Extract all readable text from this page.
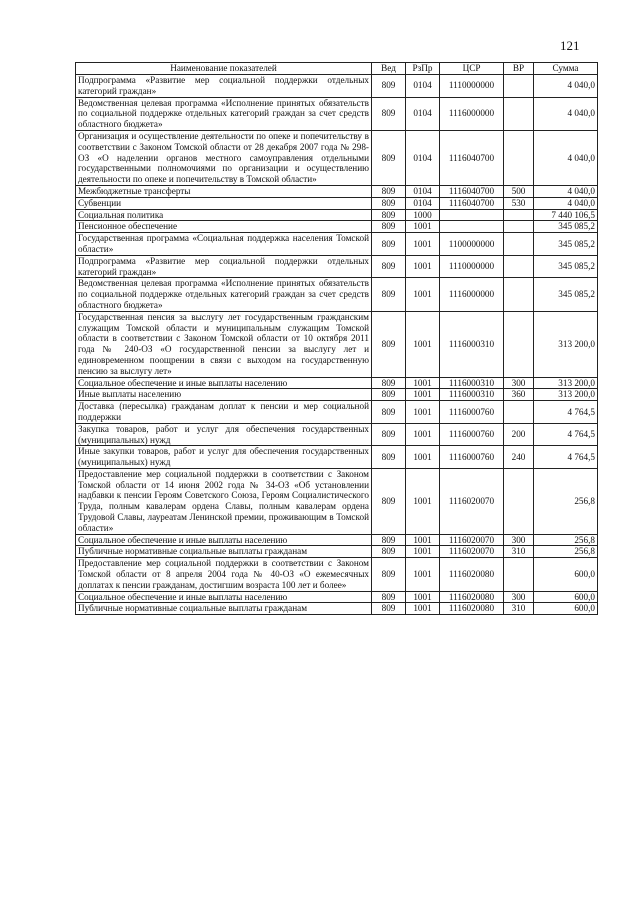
121
Наименование показателей	Вед	РзПр	ЦСР	ВР	Сумма
Подпрограмма «Развитие мер социальной поддержки отдельных категорий граждан»	809	0104	1110000000		4 040,0
Ведомственная целевая программа «Исполнение принятых обязательств по социальной поддержке отдельных категорий граждан за счет средств областного бюджета»	809	0104	1116000000		4 040,0
Организация и осуществление деятельности по опеке и попечительству в соответствии с Законом Томской области от 28 декабря 2007 года № 298-ОЗ «О наделении органов местного самоуправления отдельными государственными полномочиями по организации и осуществлению деятельности по опеке и попечительству в Томской области»	809	0104	1116040700		4 040,0
Межбюджетные трансферты	809	0104	1116040700	500	4 040,0
Субвенции	809	0104	1116040700	530	4 040,0
Социальная политика	809	1000			7 440 106,5
Пенсионное обеспечение	809	1001			345 085,2
Государственная программа «Социальная поддержка населения Томской области»	809	1001	1100000000		345 085,2
Подпрограмма «Развитие мер социальной поддержки отдельных категорий граждан»	809	1001	1110000000		345 085,2
Ведомственная целевая программа «Исполнение принятых обязательств по социальной поддержке отдельных категорий граждан за счет средств областного бюджета»	809	1001	1116000000		345 085,2
Государственная пенсия за выслугу лет государственным гражданским служащим Томской области и муниципальным служащим Томской области в соответствии с Законом Томской области от 10 октября 2011 года № 240-ОЗ «О государственной пенсии за выслугу лет и единовременном поощрении в связи с выходом на государственную пенсию за выслугу лет»	809	1001	1116000310		313 200,0
Социальное обеспечение и иные выплаты населению	809	1001	1116000310	300	313 200,0
Иные выплаты населению	809	1001	1116000310	360	313 200,0
Доставка (пересылка) гражданам доплат к пенсии и мер социальной поддержки	809	1001	1116000760		4 764,5
Закупка товаров, работ и услуг для обеспечения государственных (муниципальных) нужд	809	1001	1116000760	200	4 764,5
Иные закупки товаров, работ и услуг для обеспечения государственных (муниципальных) нужд	809	1001	1116000760	240	4 764,5
Предоставление мер социальной поддержки в соответствии с Законом Томской области от 14 июня 2002 года № 34-ОЗ «Об установлении надбавки к пенсии Героям Советского Союза, Героям Социалистического Труда, полным кавалерам ордена Славы, полным кавалерам ордена Трудовой Славы, лауреатам Ленинской премии, проживающим в Томской области»	809	1001	1116020070		256,8
Социальное обеспечение и иные выплаты населению	809	1001	1116020070	300	256,8
Публичные нормативные социальные выплаты гражданам	809	1001	1116020070	310	256,8
Предоставление мер социальной поддержки в соответствии с Законом Томской области от 8 апреля 2004 года № 40-ОЗ «О ежемесячных доплатах к пенсии гражданам, достигшим возраста 100 лет и более»	809	1001	1116020080		600,0
Социальное обеспечение и иные выплаты населению	809	1001	1116020080	300	600,0
Публичные нормативные социальные выплаты гражданам	809	1001	1116020080	310	600,0
